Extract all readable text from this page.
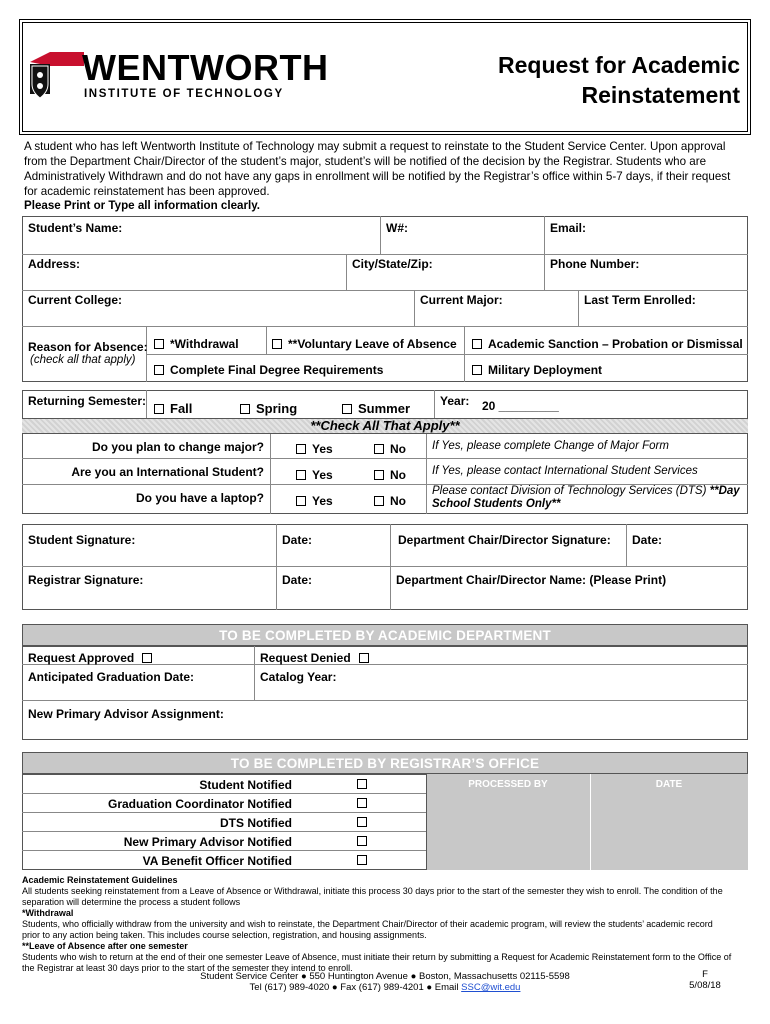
WENTWORTH
INSTITUTE OF TECHNOLOGY
Request for Academic
Reinstatement
A student who has left Wentworth Institute of Technology may submit a request to reinstate to the Student Service Center. Upon approval from the Department Chair/Director of the student’s major, student’s will be notified of the decision by the Registrar. Students who are Administratively Withdrawn and do not have any gaps in enrollment will be notified by the Registrar’s office within 5-7 days, if their request for academic reinstatement has been approved.
Please Print or Type all information clearly.
Student’s Name:	W#:	Email:
Address:	City/State/Zip:	Phone Number:
Current College:	Current Major:	Last Term Enrolled:
Reason for Absence:
(check all that apply)
*Withdrawal	**Voluntary Leave of Absence	Academic Sanction – Probation or Dismissal
Complete Final Degree Requirements	Military Deployment
**Check All That Apply**
Returning Semester:	Fall	Spring	Summer Year: 20 _________
Do you plan to change major?	Yes	No If Yes, please complete Change of Major Form
Are you an International Student?	Yes	No If Yes, please contact International Student Services
Do you have a laptop?	Yes	No
Please contact Division of Technology Services (DTS) **Day School Students Only**
Student Signature:	Date:	Department Chair/Director Signature: Date:
Registrar Signature:	Date:	Department Chair/Director Name: (Please Print)
TO BE COMPLETED BY ACADEMIC DEPARTMENT
Request Approved	Request Denied
Anticipated Graduation Date:	Catalog Year:
New Primary Advisor Assignment:
TO BE COMPLETED BY REGISTRAR’S OFFICE
PROCESSED BY	DATE
Student Notified
Graduation Coordinator Notified
DTS Notified
New Primary Advisor Notified
VA Benefit Officer Notified
Academic Reinstatement Guidelines
All students seeking reinstatement from a Leave of Absence or Withdrawal, initiate this process 30 days prior to the start of the semester they wish to enroll. The condition of the separation will determine the process a student follows
*Withdrawal
Students, who officially withdraw from the university and wish to reinstate, the Department Chair/Director of their academic program, will review the students’ academic record prior to any action being taken. This includes course selection, registration, and housing assignments.
**Leave of Absence after one semester
Students who wish to return at the end of their one semester Leave of Absence, must initiate their return by submitting a Request for Academic Reinstatement form to the Office of the Registrar at least 30 days prior to the start of the semester they intend to enroll.
Student Service Center ● 550 Huntington Avenue ● Boston, Massachusetts 02115-5598
Tel (617) 989-4020 ● Fax (617) 989-4201 ● Email SSC@wit.edu
F
5/08/18
